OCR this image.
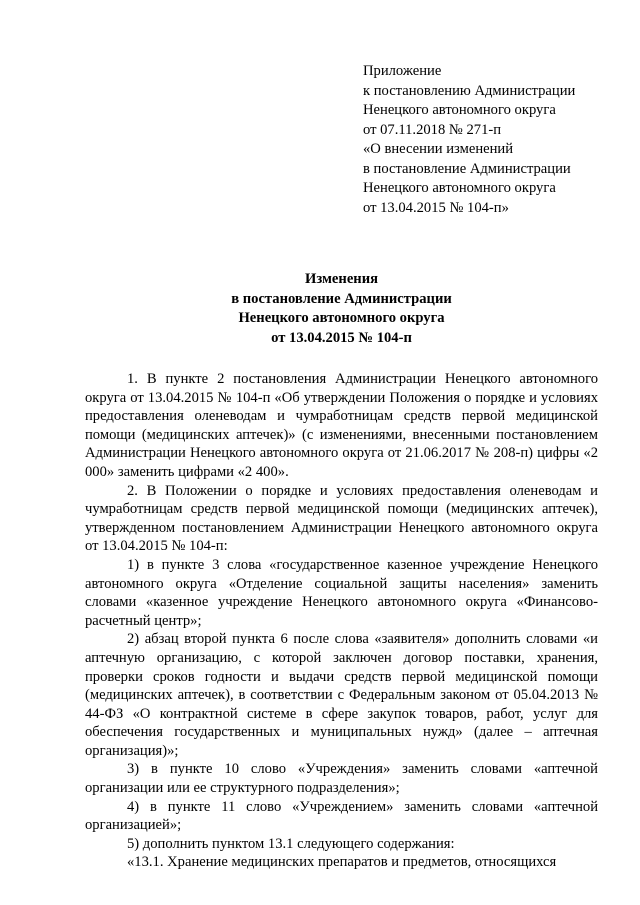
Приложение
к постановлению Администрации
Ненецкого автономного округа
от 07.11.2018 № 271-п
«О внесении изменений
в постановление Администрации
Ненецкого автономного округа
от 13.04.2015 № 104-п»
Изменения
в постановление Администрации
Ненецкого автономного округа
от 13.04.2015 № 104-п

1. В пункте 2 постановления Администрации Ненецкого автономного округа от 13.04.2015 № 104-п «Об утверждении Положения о порядке и условиях предоставления оленеводам и чумработницам средств первой медицинской помощи (медицинских аптечек)» (с изменениями, внесенными постановлением Администрации Ненецкого автономного округа от 21.06.2017 № 208-п) цифры «2 000» заменить цифрами «2 400».

2. В Положении о порядке и условиях предоставления оленеводам и чумработницам средств первой медицинской помощи (медицинских аптечек), утвержденном постановлением Администрации Ненецкого автономного округа от 13.04.2015 № 104-п:

1) в пункте 3 слова «государственное казенное учреждение Ненецкого автономного округа «Отделение социальной защиты населения» заменить словами «казенное учреждение Ненецкого автономного округа «Финансово-расчетный центр»;

2) абзац второй пункта 6 после слова «заявителя» дополнить словами «и аптечную организацию, с которой заключен договор поставки, хранения, проверки сроков годности и выдачи средств первой медицинской помощи (медицинских аптечек), в соответствии с Федеральным законом от 05.04.2013 № 44-ФЗ «О контрактной системе в сфере закупок товаров, работ, услуг для обеспечения государственных и муниципальных нужд» (далее – аптечная организация)»;

3) в пункте 10 слово «Учреждения» заменить словами «аптечной организации или ее структурного подразделения»;

4) в пункте 11 слово «Учреждением» заменить словами «аптечной организацией»;

5) дополнить пунктом 13.1 следующего содержания:

«13.1. Хранение медицинских препаратов и предметов, относящихся
